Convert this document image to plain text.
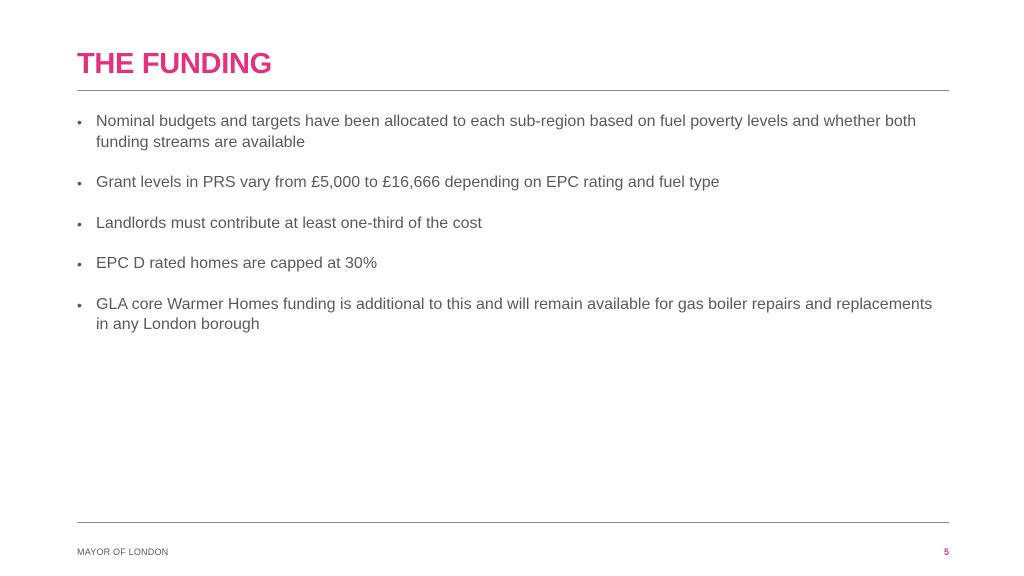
THE FUNDING
• Nominal budgets and targets have been allocated to each sub-region based on fuel poverty levels and whether both funding streams are available
• Grant levels in PRS vary from £5,000 to £16,666 depending on EPC rating and fuel type
• Landlords must contribute at least one-third of the cost
• EPC D rated homes are capped at 30%
• GLA core Warmer Homes funding is additional to this and will remain available for gas boiler repairs and replacements in any London borough
MAYOR OF LONDON	5
